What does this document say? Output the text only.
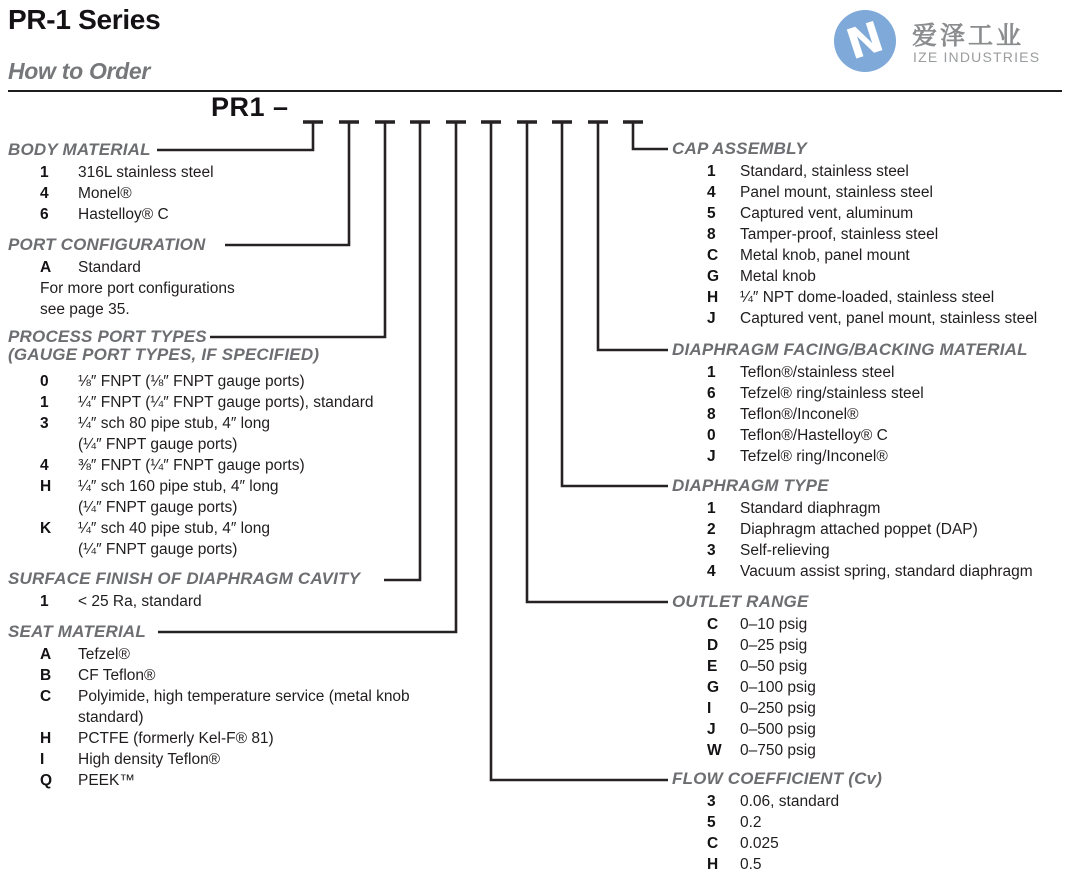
PR-1 Series	N 爱泽工业
IZE INDUSTRIES
How to Order
PR1 –
BODY MATERIAL
1	316L stainless steel
4	Monel®
6	Hastelloy® C
PORT CONFIGURATION
A	Standard
For more port configurations
see page 35.
PROCESS PORT TYPES
(GAUGE PORT TYPES, IF SPECIFIED)
0	⅛″ FNPT (⅛″ FNPT gauge ports)
1	¼″ FNPT (¼″ FNPT gauge ports), standard
3	¼″ sch 80 pipe stub, 4″ long
(¼″ FNPT gauge ports)
4	⅜″ FNPT (¼″ FNPT gauge ports)
H	¼″ sch 160 pipe stub, 4″ long
(¼″ FNPT gauge ports)
K	¼″ sch 40 pipe stub, 4″ long
(¼″ FNPT gauge ports)
SURFACE FINISH OF DIAPHRAGM CAVITY
1	< 25 Ra, standard
SEAT MATERIAL
A	Tefzel®
B	CF Teflon®
C	Polyimide, high temperature service (metal knob
standard)
H	PCTFE (formerly Kel-F® 81)
I	High density Teflon®
Q	PEEK™
CAP ASSEMBLY
1	Standard, stainless steel
4	Panel mount, stainless steel
5	Captured vent, aluminum
8	Tamper-proof, stainless steel
C	Metal knob, panel mount
G	Metal knob
H	¼″ NPT dome-loaded, stainless steel
J	Captured vent, panel mount, stainless steel
DIAPHRAGM FACING/BACKING MATERIAL
1	Teflon®/stainless steel
6	Tefzel® ring/stainless steel
8	Teflon®/Inconel®
0	Teflon®/Hastelloy® C
J	Tefzel® ring/Inconel®
DIAPHRAGM TYPE
1	Standard diaphragm
2	Diaphragm attached poppet (DAP)
3	Self-relieving
4	Vacuum assist spring, standard diaphragm
OUTLET RANGE
C	0–10 psig
D	0–25 psig
E	0–50 psig
G	0–100 psig
I	0–250 psig
J	0–500 psig
W	0–750 psig
FLOW COEFFICIENT (Cv)
3	0.06, standard
5	0.2
C	0.025
H	0.5
